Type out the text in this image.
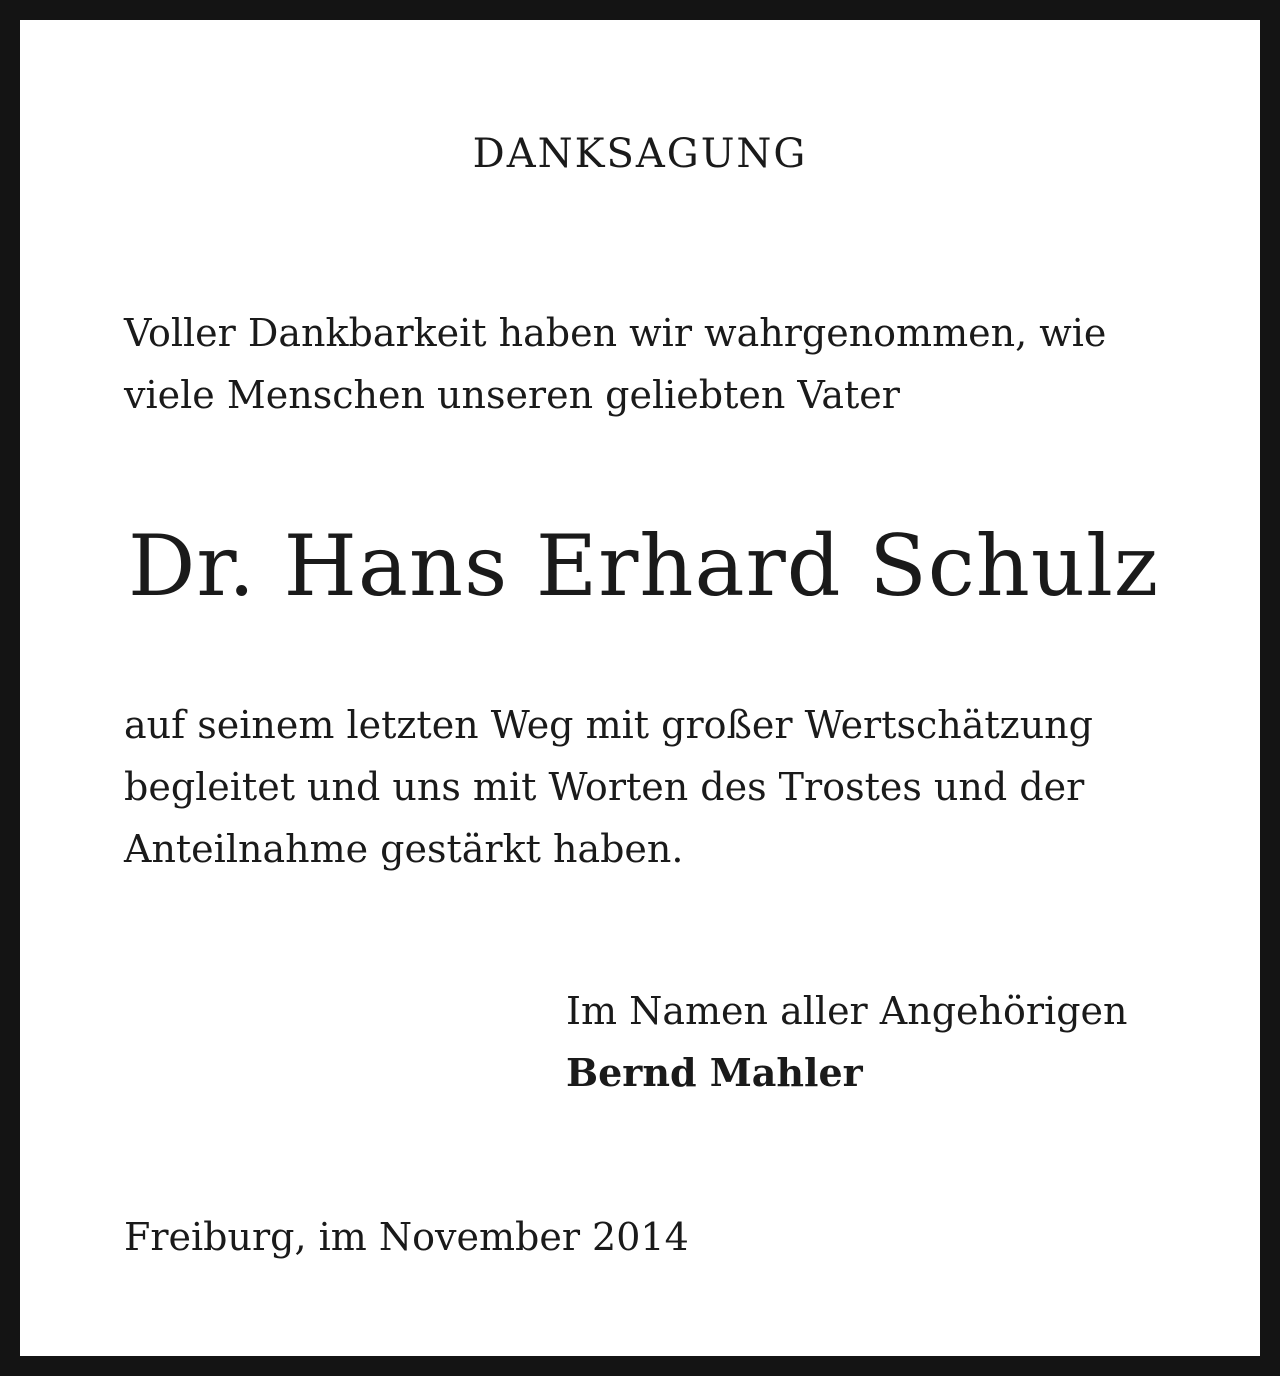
DANKSAGUNG

Voller Dankbarkeit haben wir wahrgenommen, wie

viele Menschen unseren geliebten Vater

Dr. Hans Erhard Schulz

auf seinem letzten Weg mit großer Wertschätzung

begleitet und uns mit Worten des Trostes und der

Anteilnahme gestärkt haben.

Im Namen aller Angehörigen
Bernd Mahler
Freiburg, im November 2014
